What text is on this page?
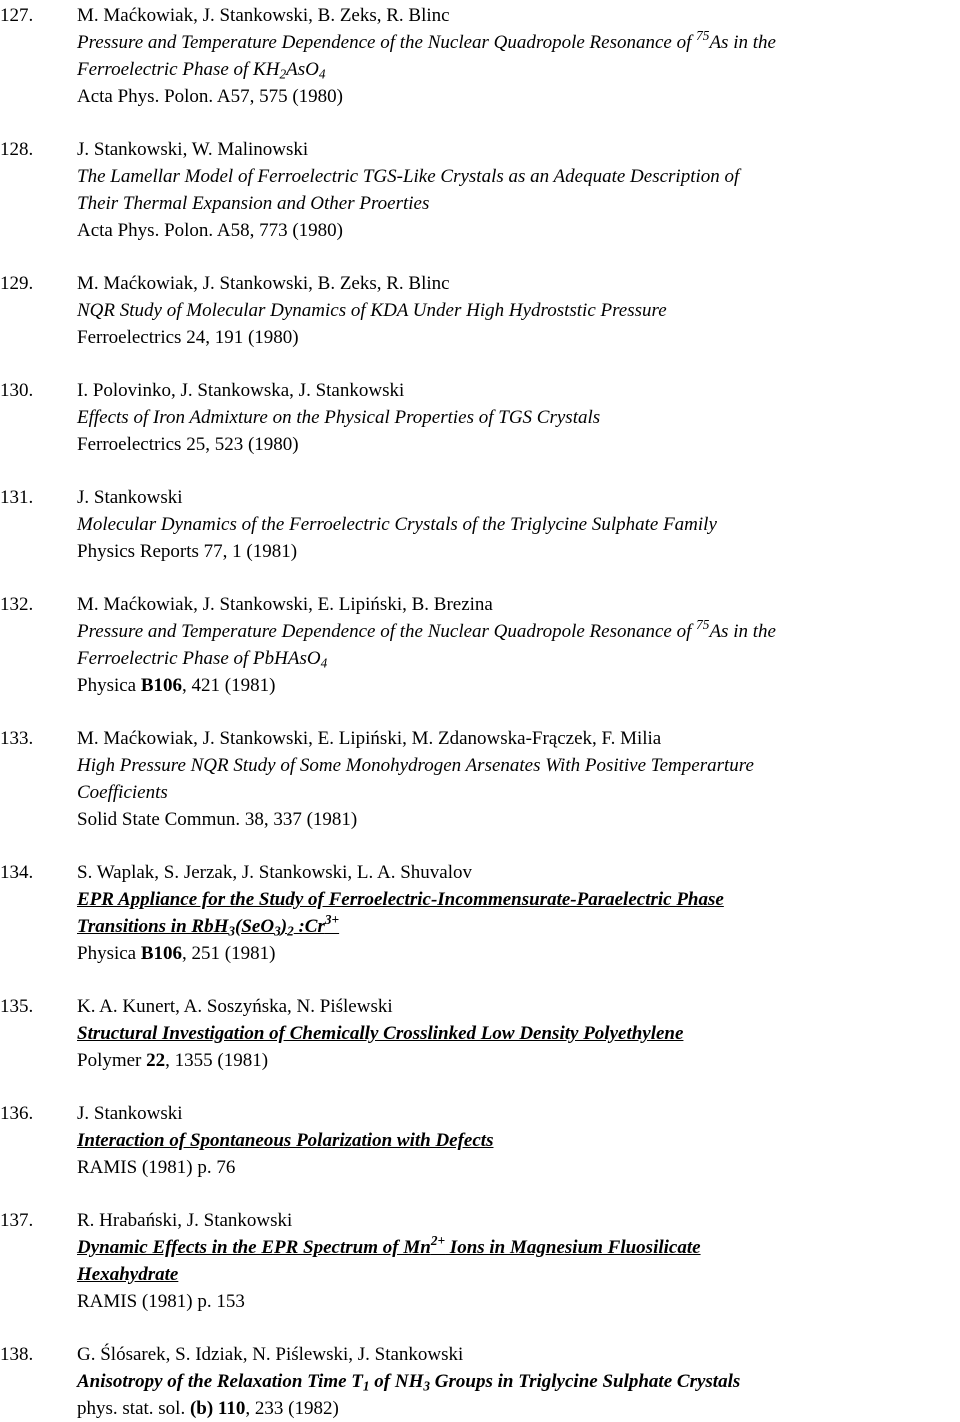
127.	M. Maćkowiak, J. Stankowski, B. Zeks, R. Blinc
Pressure and Temperature Dependence of the Nuclear Quadropole Resonance of $^{75}$As in the
Ferroelectric Phase of $KH_2AsO_4$
Acta Phys. Polon. A57, 575 (1980)
128.	J. Stankowski, W. Malinowski
The Lamellar Model of Ferroelectric TGS-Like Crystals as an Adequate Description of
Their Thermal Expansion and Other Proerties
Acta Phys. Polon. A58, 773 (1980)
129.	M. Maćkowiak, J. Stankowski, B. Zeks, R. Blinc
NQR Study of Molecular Dynamics of KDA Under High Hydroststic Pressure
Ferroelectrics 24, 191 (1980)
130.	I. Polovinko, J. Stankowska, J. Stankowski
Effects of Iron Admixture on the Physical Properties of TGS Crystals
Ferroelectrics 25, 523 (1980)
131.	J. Stankowski
Molecular Dynamics of the Ferroelectric Crystals of the Triglycine Sulphate Family
Physics Reports 77, 1 (1981)
132.	M. Maćkowiak, J. Stankowski, E. Lipiński, B. Brezina
Pressure and Temperature Dependence of the Nuclear Quadropole Resonance of $^{75}$As in the
Ferroelectric Phase of PbHAsO$_4$
Physica B106, 421 (1981)
133.	M. Maćkowiak, J. Stankowski, E. Lipiński, M. Zdanowska-Frączek, F. Milia
High Pressure NQR Study of Some Monohydrogen Arsenates With Positive Temperarture
Coefficients
Solid State Commun. 38, 337 (1981)
134.	S. Waplak, S. Jerzak, J. Stankowski, L. A. Shuvalov
EPR Appliance for the Study of Ferroelectric-Incommensurate-Paraelectric Phase
Transitions in $RbH_3(SeO_3)_2$ $:Cr^{3+}$
Physica B106, 251 (1981)
135.	K. A. Kunert, A. Soszyńska, N. Piślewski
Structural Investigation of Chemically Crosslinked Low Density Polyethylene
Polymer 22, 1355 (1981)
136.	J. Stankowski
Interaction of Spontaneous Polarization with Defects
RAMIS (1981) p. 76
137.	R. Hrabański, J. Stankowski
Dynamic Effects in the EPR Spectrum of $Mn^{2+}$ Ions in Magnesium Fluosilicate
Hexahydrate
RAMIS (1981) p. 153
138.	G. Ślósarek, S. Idziak, N. Piślewski, J. Stankowski
Anisotropy of the Relaxation Time $T_1$ of $NH_3$ Groups in Triglycine Sulphate Crystals
phys. stat. sol. (b) 110, 233 (1982)
